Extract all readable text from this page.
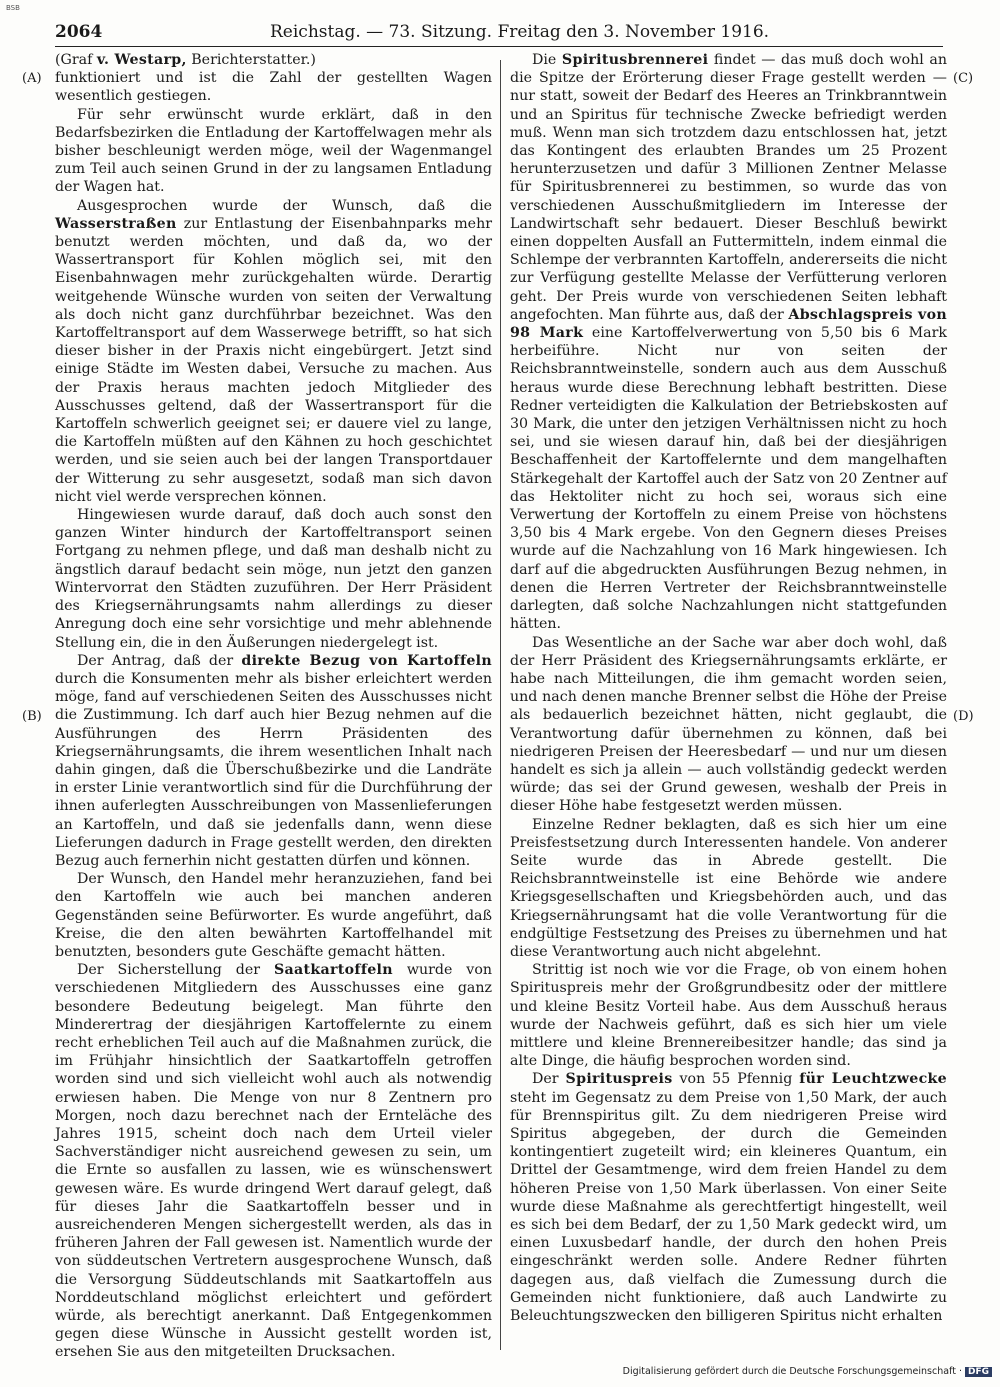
BSB
2064	Reichstag. — 73. Sitzung. Freitag den 3. November 1916.
(A)
(B)
(C)
(D)

(Graf v. Westarp, Berichterstatter.)

funktioniert und ist die Zahl der gestellten Wagen wesentlich gestiegen.

Für sehr erwünscht wurde erklärt, daß in den Bedarfsbezirken die Entladung der Kartoffelwagen mehr als bisher beschleunigt werden möge, weil der Wagenmangel zum Teil auch seinen Grund in der zu langsamen Entladung der Wagen hat.

Ausgesprochen wurde der Wunsch, daß die Wasserstraßen zur Entlastung der Eisenbahnparks mehr benutzt werden möchten, und daß da, wo der Wassertransport für Kohlen möglich sei, mit den Eisenbahnwagen mehr zurückgehalten würde. Derartig weitgehende Wünsche wurden von seiten der Verwaltung als doch nicht ganz durchführbar bezeichnet. Was den Kartoffeltransport auf dem Wasserwege betrifft, so hat sich dieser bisher in der Praxis nicht eingebürgert. Jetzt sind einige Städte im Westen dabei, Versuche zu machen. Aus der Praxis heraus machten jedoch Mitglieder des Ausschusses geltend, daß der Wassertransport für die Kartoffeln schwerlich geeignet sei; er dauere viel zu lange, die Kartoffeln müßten auf den Kähnen zu hoch geschichtet werden, und sie seien auch bei der langen Transportdauer der Witterung zu sehr ausgesetzt, sodaß man sich davon nicht viel werde versprechen können.

Hingewiesen wurde darauf, daß doch auch sonst den ganzen Winter hindurch der Kartoffeltransport seinen Fortgang zu nehmen pflege, und daß man deshalb nicht zu ängstlich darauf bedacht sein möge, nun jetzt den ganzen Wintervorrat den Städten zuzuführen. Der Herr Präsident des Kriegsernährungsamts nahm allerdings zu dieser Anregung doch eine sehr vorsichtige und mehr ablehnende Stellung ein, die in den Äußerungen niedergelegt ist.

Der Antrag, daß der direkte Bezug von Kartoffeln durch die Konsumenten mehr als bisher erleichtert werden möge, fand auf verschiedenen Seiten des Ausschusses nicht die Zustimmung. Ich darf auch hier Bezug nehmen auf die Ausführungen des Herrn Präsidenten des Kriegsernährungsamts, die ihrem wesentlichen Inhalt nach dahin gingen, daß die Überschußbezirke und die Landräte in erster Linie verantwortlich sind für die Durchführung der ihnen auferlegten Ausschreibungen von Massenlieferungen an Kartoffeln, und daß sie jedenfalls dann, wenn diese Lieferungen dadurch in Frage gestellt werden, den direkten Bezug auch fernerhin nicht gestatten dürfen und können.

Der Wunsch, den Handel mehr heranzuziehen, fand bei den Kartoffeln wie auch bei manchen anderen Gegenständen seine Befürworter. Es wurde angeführt, daß Kreise, die den alten bewährten Kartoffelhandel mit benutzten, besonders gute Geschäfte gemacht hätten.

Der Sicherstellung der Saatkartoffeln wurde von verschiedenen Mitgliedern des Ausschusses eine ganz besondere Bedeutung beigelegt. Man führte den Minderertrag der diesjährigen Kartoffelernte zu einem recht erheblichen Teil auch auf die Maßnahmen zurück, die im Frühjahr hinsichtlich der Saatkartoffeln getroffen worden sind und sich vielleicht wohl auch als notwendig erwiesen haben. Die Menge von nur 8 Zentnern pro Morgen, noch dazu berechnet nach der Ernteläche des Jahres 1915, scheint doch nach dem Urteil vieler Sachverständiger nicht ausreichend gewesen zu sein, um die Ernte so ausfallen zu lassen, wie es wünschenswert gewesen wäre. Es wurde dringend Wert darauf gelegt, daß für dieses Jahr die Saatkartoffeln besser und in ausreichenderen Mengen sichergestellt werden, als das in früheren Jahren der Fall gewesen ist. Namentlich wurde der von süddeutschen Vertretern ausgesprochene Wunsch, daß die Versorgung Süddeutschlands mit Saatkartoffeln aus Norddeutschland möglichst erleichtert und gefördert würde, als berechtigt anerkannt. Daß Entgegenkommen gegen diese Wünsche in Aussicht gestellt worden ist, ersehen Sie aus den mitgeteilten Drucksachen.

Die Spiritusbrennerei findet — das muß doch wohl an die Spitze der Erörterung dieser Frage gestellt werden — nur statt, soweit der Bedarf des Heeres an Trinkbranntwein und an Spiritus für technische Zwecke befriedigt werden muß. Wenn man sich trotzdem dazu entschlossen hat, jetzt das Kontingent des erlaubten Brandes um 25 Prozent herunterzusetzen und dafür 3 Millionen Zentner Melasse für Spiritusbrennerei zu bestimmen, so wurde das von verschiedenen Ausschußmitgliedern im Interesse der Landwirtschaft sehr bedauert. Dieser Beschluß bewirkt einen doppelten Ausfall an Futtermitteln, indem einmal die Schlempe der verbrannten Kartoffeln, andererseits die nicht zur Verfügung gestellte Melasse der Verfütterung verloren geht. Der Preis wurde von verschiedenen Seiten lebhaft angefochten. Man führte aus, daß der Abschlagspreis von 98 Mark eine Kartoffelverwertung von 5,50 bis 6 Mark herbeiführe. Nicht nur von seiten der Reichsbranntweinstelle, sondern auch aus dem Ausschuß heraus wurde diese Berechnung lebhaft bestritten. Diese Redner verteidigten die Kalkulation der Betriebskosten auf 30 Mark, die unter den jetzigen Verhältnissen nicht zu hoch sei, und sie wiesen darauf hin, daß bei der diesjährigen Beschaffenheit der Kartoffelernte und dem mangelhaften Stärkegehalt der Kartoffel auch der Satz von 20 Zentner auf das Hektoliter nicht zu hoch sei, woraus sich eine Verwertung der Kortoffeln zu einem Preise von höchstens 3,50 bis 4 Mark ergebe. Von den Gegnern dieses Preises wurde auf die Nachzahlung von 16 Mark hingewiesen. Ich darf auf die abgedruckten Ausführungen Bezug nehmen, in denen die Herren Vertreter der Reichsbranntweinstelle darlegten, daß solche Nachzahlungen nicht stattgefunden hätten.

Das Wesentliche an der Sache war aber doch wohl, daß der Herr Präsident des Kriegsernährungsamts erklärte, er habe nach Mitteilungen, die ihm gemacht worden seien, und nach denen manche Brenner selbst die Höhe der Preise als bedauerlich bezeichnet hätten, nicht geglaubt, die Verantwortung dafür übernehmen zu können, daß bei niedrigeren Preisen der Heeresbedarf — und nur um diesen handelt es sich ja allein — auch vollständig gedeckt werden würde; das sei der Grund gewesen, weshalb der Preis in dieser Höhe habe festgesetzt werden müssen.

Einzelne Redner beklagten, daß es sich hier um eine Preisfestsetzung durch Interessenten handele. Von anderer Seite wurde das in Abrede gestellt. Die Reichsbranntweinstelle ist eine Behörde wie andere Kriegsgesellschaften und Kriegsbehörden auch, und das Kriegsernährungsamt hat die volle Verantwortung für die endgültige Festsetzung des Preises zu übernehmen und hat diese Verantwortung auch nicht abgelehnt.

Strittig ist noch wie vor die Frage, ob von einem hohen Spirituspreis mehr der Großgrundbesitz oder der mittlere und kleine Besitz Vorteil habe. Aus dem Ausschuß heraus wurde der Nachweis geführt, daß es sich hier um viele mittlere und kleine Brennereibesitzer handle; das sind ja alte Dinge, die häufig besprochen worden sind.

Der Spirituspreis von 55 Pfennig für Leuchtzwecke steht im Gegensatz zu dem Preise von 1,50 Mark, der auch für Brennspiritus gilt. Zu dem niedrigeren Preise wird Spiritus abgegeben, der durch die Gemeinden kontingentiert zugeteilt wird; ein kleineres Quantum, ein Drittel der Gesamtmenge, wird dem freien Handel zu dem höheren Preise von 1,50 Mark überlassen. Von einer Seite wurde diese Maßnahme als gerechtfertigt hingestellt, weil es sich bei dem Bedarf, der zu 1,50 Mark gedeckt wird, um einen Luxusbedarf handle, der durch den hohen Preis eingeschränkt werden solle. Andere Redner führten dagegen aus, daß vielfach die Zumessung durch die Gemeinden nicht funktioniere, daß auch Landwirte zu Beleuchtungszwecken den billigeren Spiritus nicht erhalten

Digitalisierung gefördert durch die Deutsche Forschungsgemeinschaft · DFG
